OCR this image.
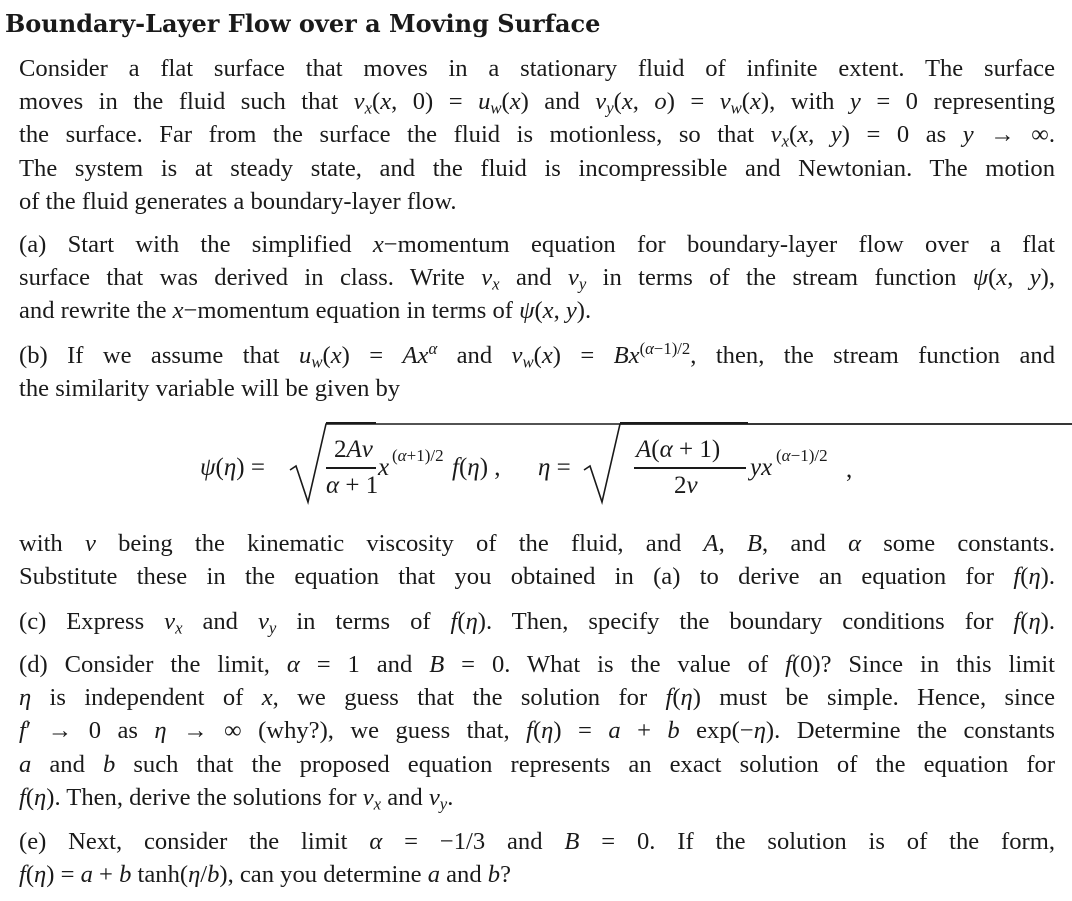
Boundary-Layer Flow over a Moving Surface
Consider a flat surface that moves in a stationary fluid of infinite extent. The surface
moves in the fluid such that $v_x(x$, $0) = u_w(x)$ and $v_y(x$, $o) = v_w(x)$, with y = 0 representing
the surface. Far from the surface the fluid is motionless, so that $v_x(x$, y) = 0 as y → ∞.
The system is at steady state, and the fluid is incompressible and Newtonian. The motion
of the fluid generates a boundary-layer flow.
(a) Start with the simplified x−momentum equation for boundary-layer flow over a flat
surface that was derived in class. Write $v_x$ and $v_y$ in terms of the stream function ψ(x, y),
and rewrite the x−momentum equation in terms of ψ(x, y).
(b) If we assume that $u_w(x) = Ax^\alpha$ and $v_w(x) = Bx^{(\alpha-1)/2}$, then, the stream function and
the similarity variable will be given by
ψ(η) =
2Aν
α + 1
x (α+1)/2 f(η) , η =
A(α + 1)
2ν
yx (α−1)/2
,
with ν being the kinematic viscosity of the fluid, and A, B, and α some constants.
Substitute these in the equation that you obtained in (a) to derive an equation for f(η).
(c) Express $v_x$ and $v_y$ in terms of f(η). Then, specify the boundary conditions for f(η).
(d) Consider the limit, α = 1 and B = 0. What is the value of f(0)? Since in this limit
η is independent of x, we guess that the solution for f(η) must be simple. Hence, since
f′ → 0 as η → ∞ (why?), we guess that, f(η) = a + b exp(−η). Determine the constants
a and b such that the proposed equation represents an exact solution of the equation for
f(η). Then, derive the solutions for $v_x$ and $v_y$.
(e) Next, consider the limit α = −1/3 and B = 0. If the solution is of the form,
f(η) = a + b tanh(η/b), can you determine a and b?
